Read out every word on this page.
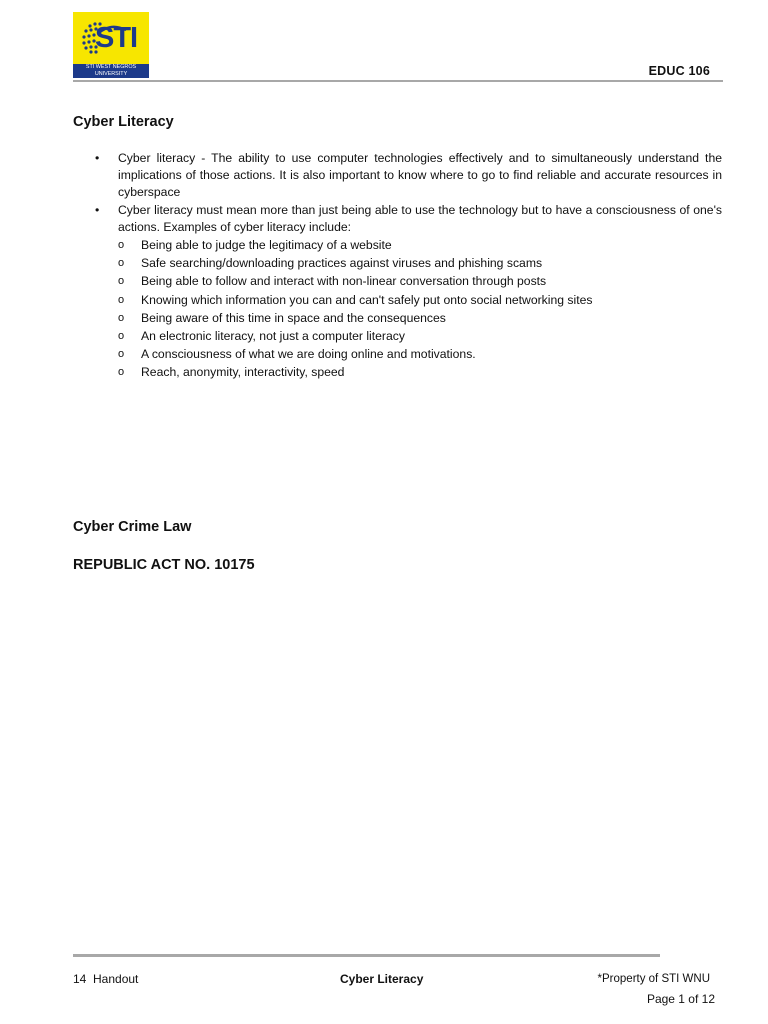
STI
STI WEST NEGROS
UNIVERSITY	EDUC 106
Cyber Literacy
•	Cyber literacy - The ability to use computer technologies effectively and to simultaneously understand the implications of those actions. It is also important to know where to go to find reliable and accurate resources in cyberspace
•	Cyber literacy must mean more than just being able to use the technology but to have a consciousness of one's actions. Examples of cyber literacy include:
o	Being able to judge the legitimacy of a website
o	Safe searching/downloading practices against viruses and phishing scams
o	Being able to follow and interact with non-linear conversation through posts
o	Knowing which information you can and can't safely put onto social networking sites
o	Being aware of this time in space and the consequences
o	An electronic literacy, not just a computer literacy
o	A consciousness of what we are doing online and motivations.
o	Reach, anonymity, interactivity, speed
Cyber Crime Law
REPUBLIC ACT NO. 10175
14  Handout	Cyber Literacy	*Property of STI WNU
Page 1 of 12
